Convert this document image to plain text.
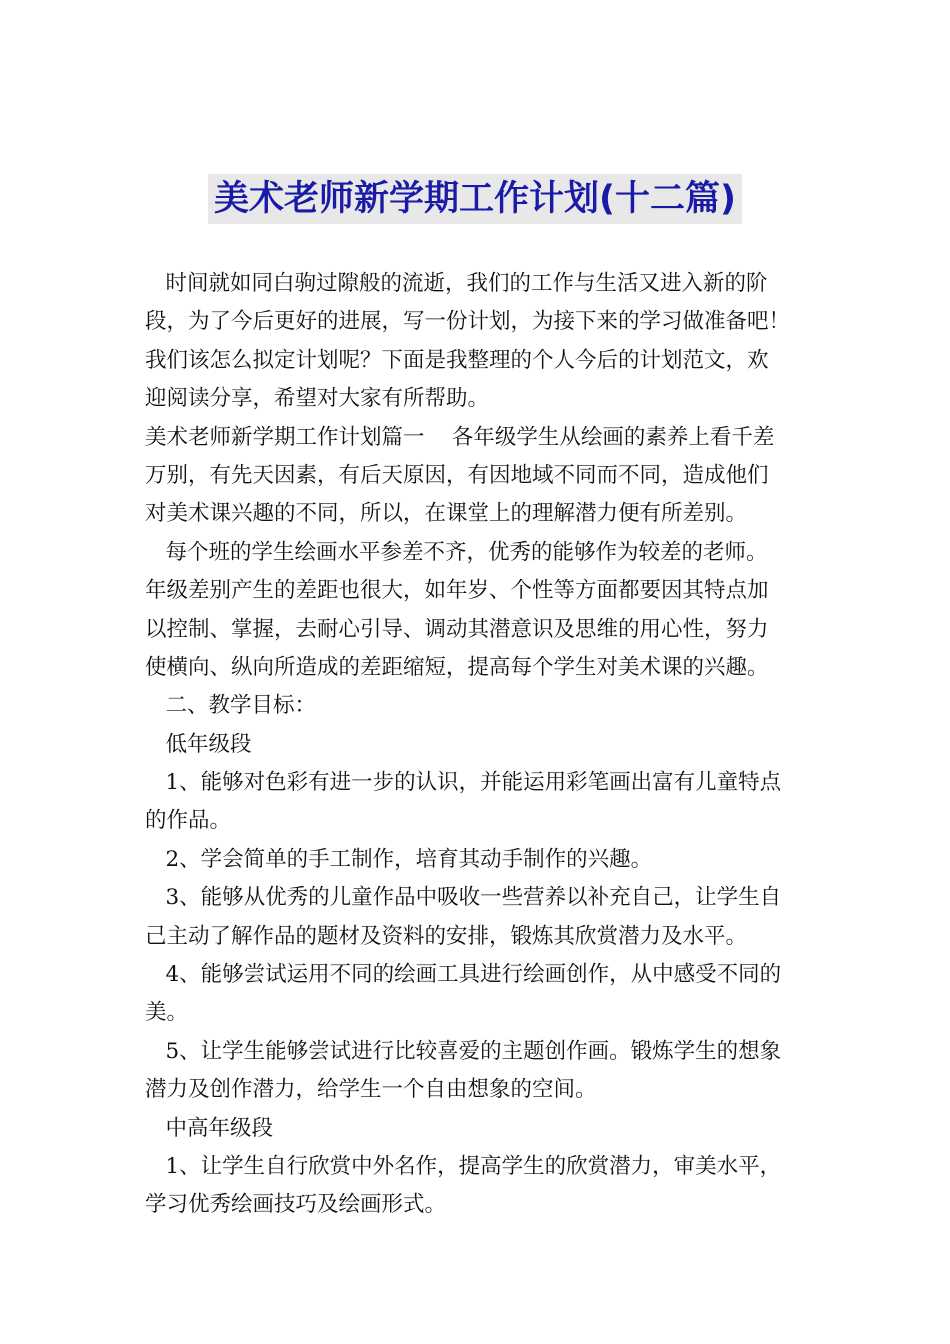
美术老师新学期工作计划(十二篇)
时间就如同白驹过隙般的流逝，我们的工作与生活又进入新的阶
段，为了今后更好的进展，写一份计划，为接下来的学习做准备吧！
我们该怎么拟定计划呢？下面是我整理的个人今后的计划范文，欢
迎阅读分享，希望对大家有所帮助。
美术老师新学期工作计划篇一    各年级学生从绘画的素养上看千差
万别，有先天因素，有后天原因，有因地域不同而不同，造成他们
对美术课兴趣的不同，所以，在课堂上的理解潜力便有所差别。
每个班的学生绘画水平参差不齐，优秀的能够作为较差的老师。
年级差别产生的差距也很大，如年岁、个性等方面都要因其特点加
以控制、掌握，去耐心引导、调动其潜意识及思维的用心性，努力
使横向、纵向所造成的差距缩短，提高每个学生对美术课的兴趣。
二、教学目标：
低年级段
1、能够对色彩有进一步的认识，并能运用彩笔画出富有儿童特点
的作品。
2、学会简单的手工制作，培育其动手制作的兴趣。
3、能够从优秀的儿童作品中吸收一些营养以补充自己，让学生自
己主动了解作品的题材及资料的安排，锻炼其欣赏潜力及水平。
4、能够尝试运用不同的绘画工具进行绘画创作，从中感受不同的
美。
5、让学生能够尝试进行比较喜爱的主题创作画。锻炼学生的想象
潜力及创作潜力，给学生一个自由想象的空间。
中高年级段
1、让学生自行欣赏中外名作，提高学生的欣赏潜力，审美水平，
学习优秀绘画技巧及绘画形式。
